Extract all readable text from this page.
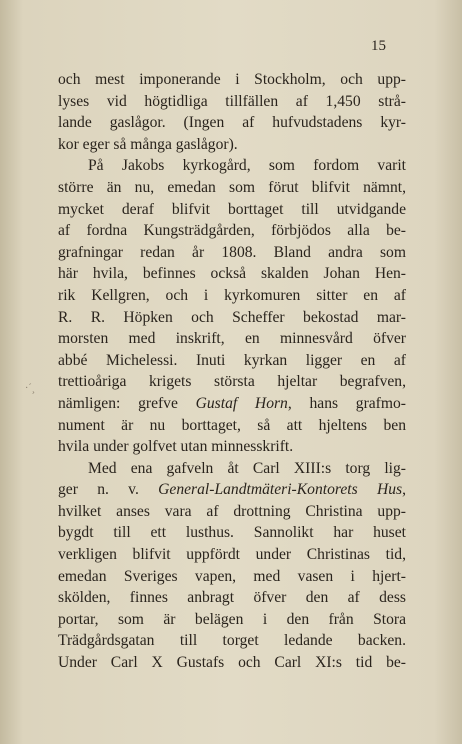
15
·´¸
och mest imponerande i Stockholm, och upp-
lyses vid högtidliga tillfällen af 1,450 strå-
lande gaslågor. (Ingen af hufvudstadens kyr-
kor eger så många gaslågor).
På Jakobs kyrkogård, som fordom varit
större än nu, emedan som förut blifvit nämnt,
mycket deraf blifvit borttaget till utvidgande
af fordna Kungsträdgården, förbjödos alla be-
grafningar redan år 1808. Bland andra som
här hvila, befinnes också skalden Johan Hen-
rik Kellgren, och i kyrkomuren sitter en af
R. R. Höpken och Scheffer bekostad mar-
morsten med inskrift, en minnesvård öfver
abbé Michelessi. Inuti kyrkan ligger en af
trettioåriga krigets största hjeltar begrafven,
nämligen: grefve Gustaf Horn, hans grafmo-
nument är nu borttaget, så att hjeltens ben
hvila under golfvet utan minnesskrift.
Med ena gafveln åt Carl XIII:s torg lig-
ger n. v. General-Landtmäteri-Kontorets Hus,
hvilket anses vara af drottning Christina upp-
bygdt till ett lusthus. Sannolikt har huset
verkligen blifvit uppfördt under Christinas tid,
emedan Sveriges vapen, med vasen i hjert-
skölden, finnes anbragt öfver den af dess
portar, som är belägen i den från Stora
Trädgårdsgatan till torget ledande backen.
Under Carl X Gustafs och Carl XI:s tid be-
